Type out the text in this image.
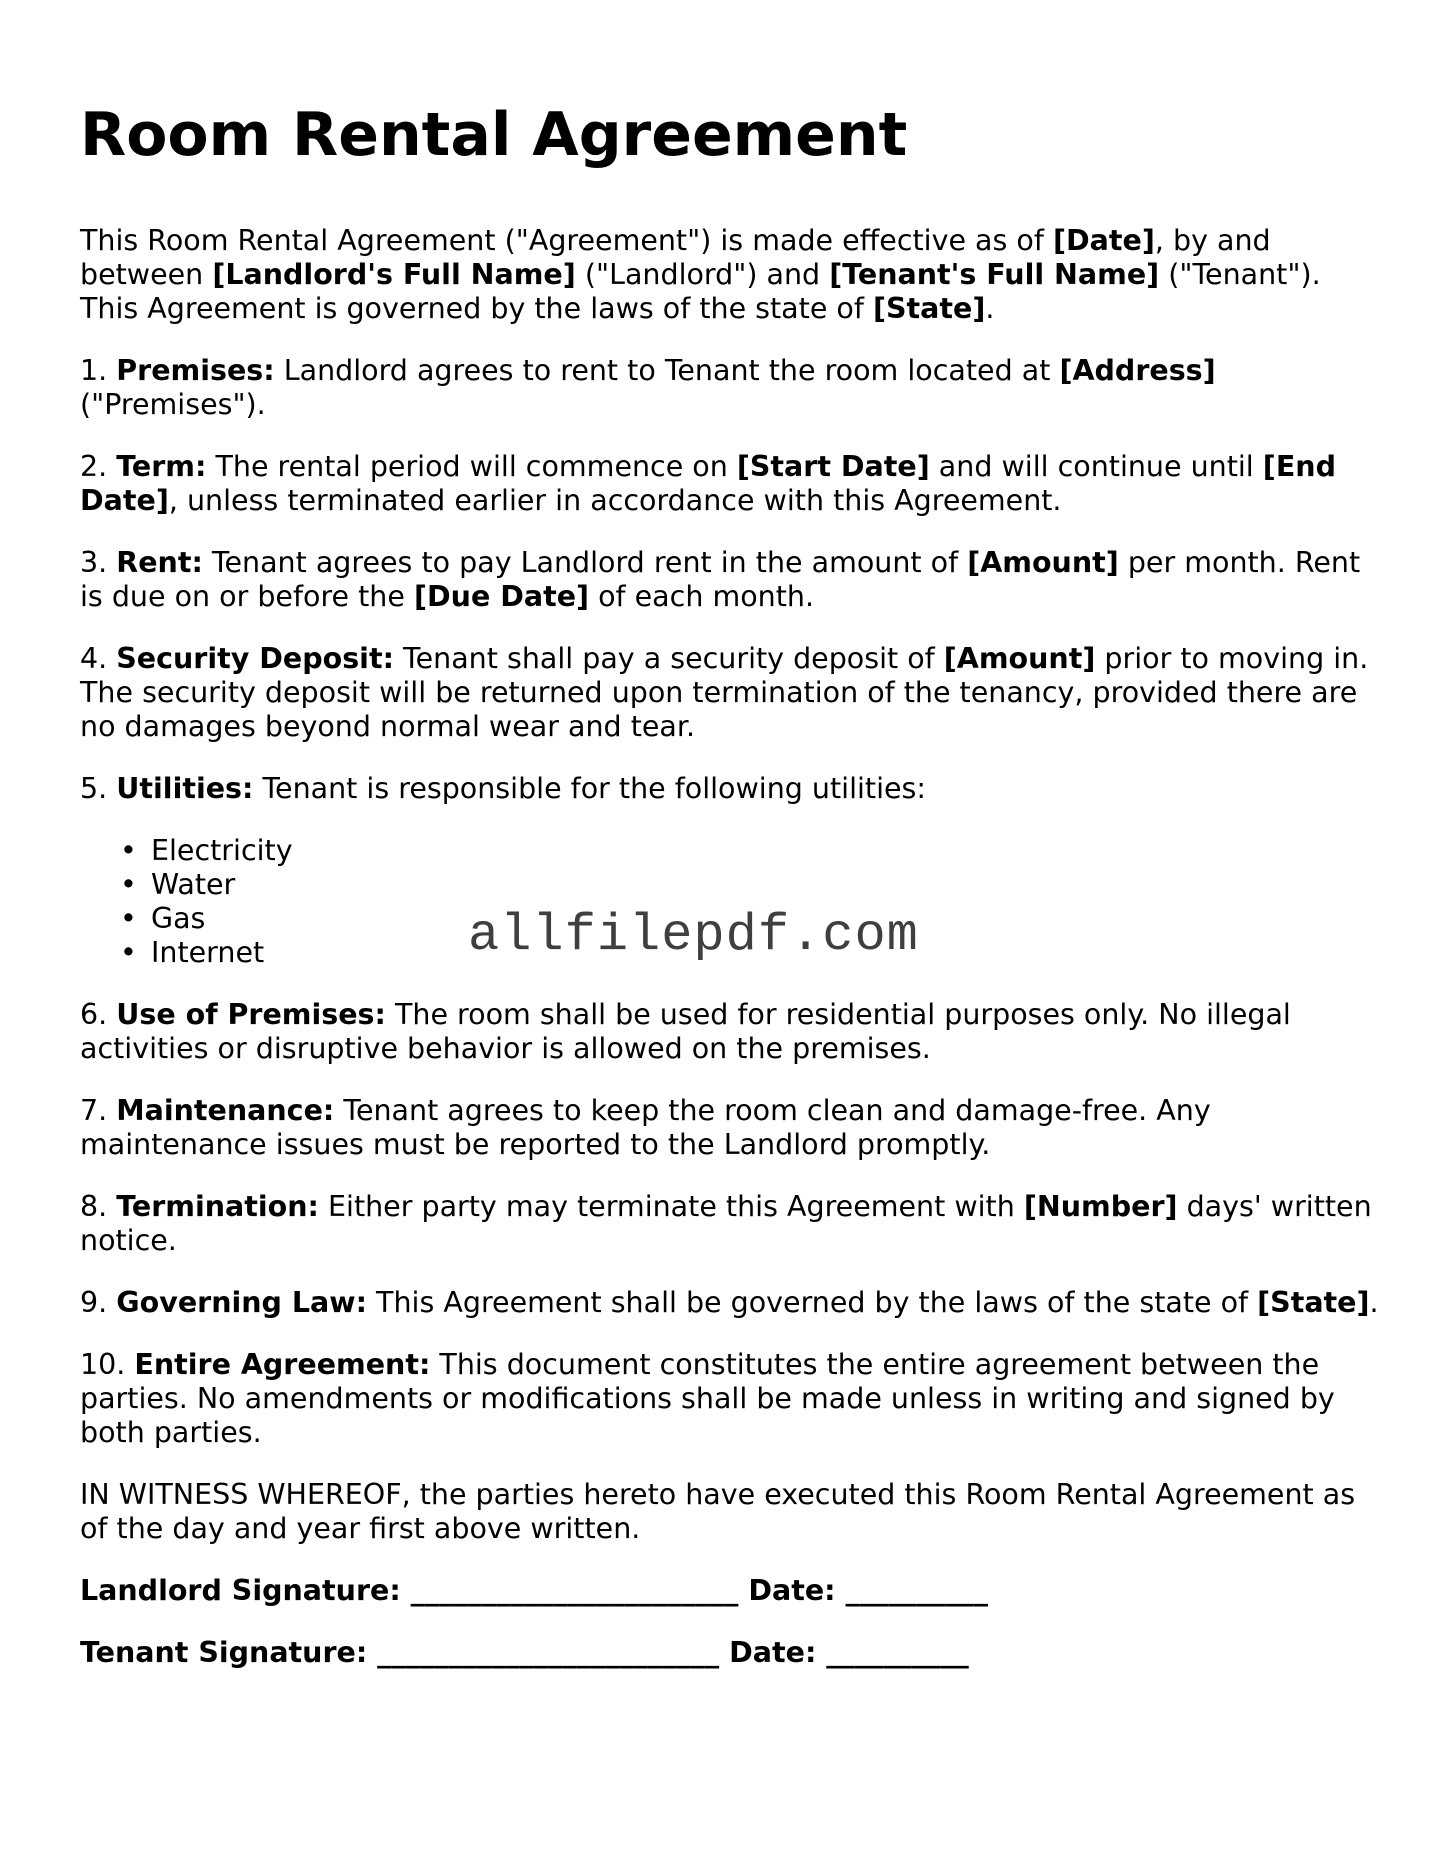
Room Rental Agreement

This Room Rental Agreement ("Agreement") is made effective as of [Date], by and between [Landlord's Full Name] ("Landlord") and [Tenant's Full Name] ("Tenant"). This Agreement is governed by the laws of the state of [State].

1. Premises: Landlord agrees to rent to Tenant the room located at [Address] ("Premises").

2. Term: The rental period will commence on [Start Date] and will continue until [End Date], unless terminated earlier in accordance with this Agreement.

3. Rent: Tenant agrees to pay Landlord rent in the amount of [Amount] per month. Rent is due on or before the [Due Date] of each month.

4. Security Deposit: Tenant shall pay a security deposit of [Amount] prior to moving in. The security deposit will be returned upon termination of the tenancy, provided there are no damages beyond normal wear and tear.

5. Utilities: Tenant is responsible for the following utilities:

• Electricity
• Water
• Gas
• Internet

6. Use of Premises: The room shall be used for residential purposes only. No illegal activities or disruptive behavior is allowed on the premises.

7. Maintenance: Tenant agrees to keep the room clean and damage-free. Any maintenance issues must be reported to the Landlord promptly.

8. Termination: Either party may terminate this Agreement with [Number] days' written notice.

9. Governing Law: This Agreement shall be governed by the laws of the state of [State].

10. Entire Agreement: This document constitutes the entire agreement between the parties. No amendments or modifications shall be made unless in writing and signed by both parties.

IN WITNESS WHEREOF, the parties hereto have executed this Room Rental Agreement as of the day and year first above written.

Landlord Signature: _______________________ Date: __________
Tenant Signature: ________________________ Date: __________
allfilepdf.com
